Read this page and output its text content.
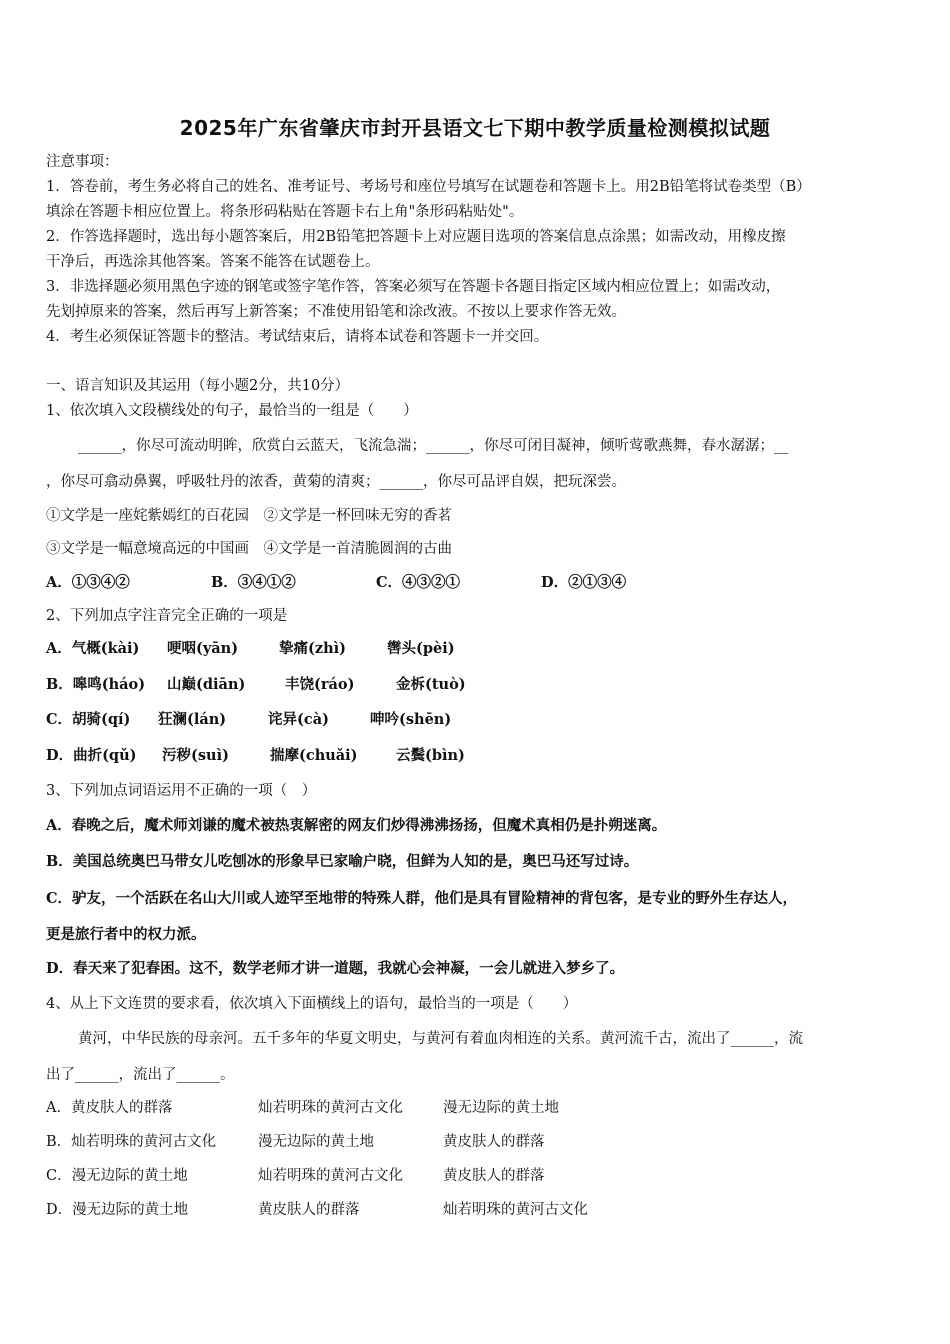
2025年广东省肇庆市封开县语文七下期中教学质量检测模拟试题
注意事项：
1．答卷前，考生务必将自己的姓名、准考证号、考场号和座位号填写在试题卷和答题卡上。用2B铅笔将试卷类型（B）
填涂在答题卡相应位置上。将条形码粘贴在答题卡右上角"条形码粘贴处"。
2．作答选择题时，选出每小题答案后，用2B铅笔把答题卡上对应题目选项的答案信息点涂黑；如需改动，用橡皮擦
干净后，再选涂其他答案。答案不能答在试题卷上。
3．非选择题必须用黑色字迹的钢笔或签字笔作答，答案必须写在答题卡各题目指定区域内相应位置上；如需改动，
先划掉原来的答案，然后再写上新答案；不准使用铅笔和涂改液。不按以上要求作答无效。
4．考生必须保证答题卡的整洁。考试结束后，请将本试卷和答题卡一并交回。
一、语言知识及其运用（每小题2分，共10分）
1、依次填入文段横线处的句子，最恰当的一组是（　　）
______，你尽可流动明眸，欣赏白云蓝天，飞流急湍；______，你尽可闭目凝神，倾听莺歌燕舞，春水潺潺；__
，你尽可翕动鼻翼，呼吸牡丹的浓香，黄菊的清爽；______，你尽可品评自娱，把玩深尝。
①文学是一座姹紫嫣红的百花园　②文学是一杯回味无穷的香茗
③文学是一幅意境高远的中国画　④文学是一首清脆圆润的古曲
A．①③④②	B．③④①②	C．④③②①	D．②①③④
2、下列加点字注音完全正确的一项是
A．气概(kài) 哽咽(yān)	挚痛(zhì)	辔头(pèi)
B．嗥鸣(háo) 山巅(diān)	丰饶(ráo)	金柝(tuò)
C．胡骑(qí) 狂澜(lán)	诧异(cà)	呻吟(shēn)
D．曲折(qǔ) 污秽(suì)	揣摩(chuǎi)	云鬓(bìn)
3、下列加点词语运用不正确的一项（　）
A．春晚之后，魔术师刘谦的魔术被热衷解密的网友们炒得沸沸扬扬，但魔术真相仍是扑朔迷离。
B．美国总统奥巴马带女儿吃刨冰的形象早已家喻户晓，但鲜为人知的是，奥巴马还写过诗。
C．驴友，一个活跃在名山大川或人迹罕至地带的特殊人群，他们是具有冒险精神的背包客，是专业的野外生存达人，
更是旅行者中的权力派。
D．春天来了犯春困。这不，数学老师才讲一道题，我就心会神凝，一会儿就进入梦乡了。
4、从上下文连贯的要求看，依次填入下面横线上的语句，最恰当的一项是（　　）
黄河，中华民族的母亲河。五千多年的华夏文明史，与黄河有着血肉相连的关系。黄河流千古，流出了______，流
出了______，流出了______。
A．黄皮肤人的群落	灿若明珠的黄河古文化	漫无边际的黄土地
B．灿若明珠的黄河古文化	漫无边际的黄土地	黄皮肤人的群落
C．漫无边际的黄土地	灿若明珠的黄河古文化	黄皮肤人的群落
D．漫无边际的黄土地	黄皮肤人的群落	灿若明珠的黄河古文化
